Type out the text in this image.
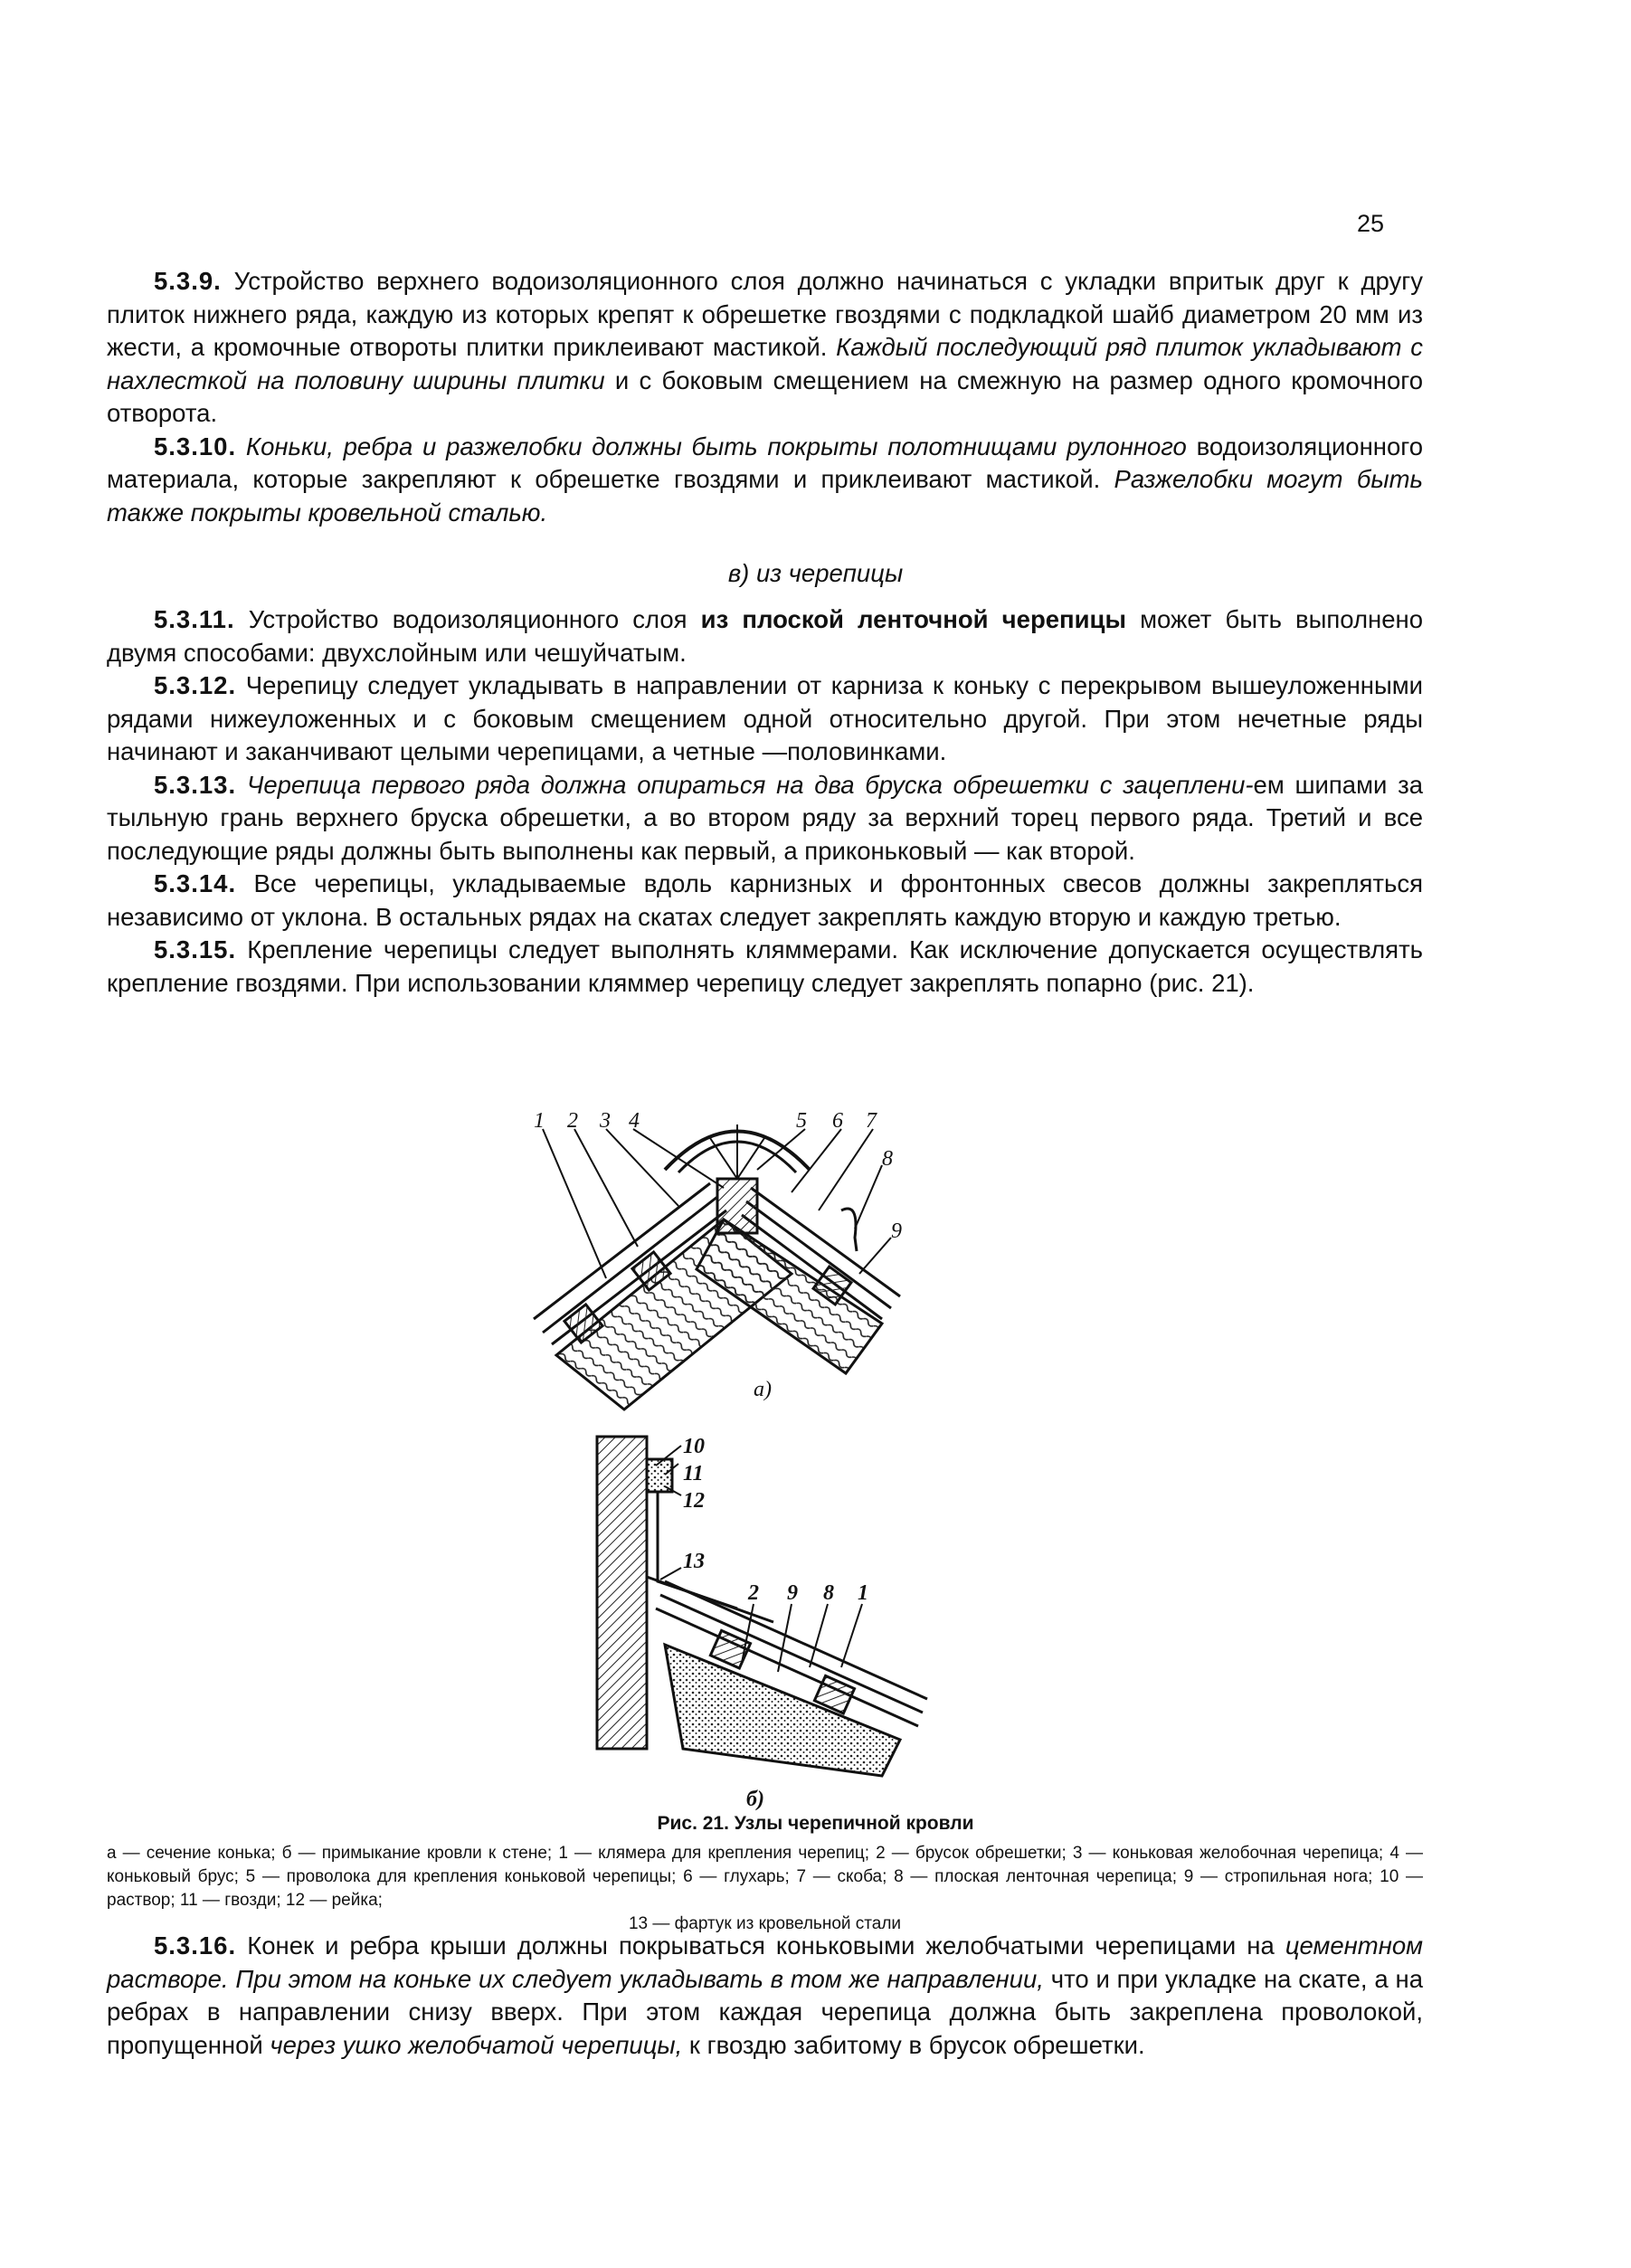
25

5.3.9. Устройство верхнего водоизоляционного слоя должно начинаться с укладки впритык друг к другу плиток нижнего ряда, каждую из которых крепят к обрешетке гвоздями с подкладкой шайб диаметром 20 мм из жести, а кромочные отвороты плитки приклеивают мастикой. Каждый последующий ряд плиток укладывают с нахлесткой на половину ширины плитки и с боковым смещением на смежную на размер одного кромочного отворота.

5.3.10. Коньки, ребра и разжелобки должны быть покрыты полотнищами рулонного водоизоляционного материала, которые закрепляют к обрешетке гвоздями и приклеивают мастикой. Разжелобки могут быть также покрыты кровельной сталью.

в) из черепицы

5.3.11. Устройство водоизоляционного слоя из плоской ленточной черепицы может быть выполнено двумя способами: двухслойным или чешуйчатым.

5.3.12. Черепицу следует укладывать в направлении от карниза к коньку с перекрывом вышеуложенными рядами нижеуложенных и с боковым смещением одной относительно другой. При этом нечетные ряды начинают и заканчивают целыми черепицами, а четные —половинками.

5.3.13. Черепица первого ряда должна опираться на два бруска обрешетки с зацеплени-ем шипами за тыльную грань верхнего бруска обрешетки, а во втором ряду за верхний торец первого ряда. Третий и все последующие ряды должны быть выполнены как первый, а приконьковый — как второй.

5.3.14. Все черепицы, укладываемые вдоль карнизных и фронтонных свесов должны закрепляться независимо от уклона. В остальных рядах на скатах следует закреплять каждую вторую и каждую третью.

5.3.15. Крепление черепицы следует выполнять кляммерами. Как исключение допускается осуществлять крепление гвоздями. При использовании кляммер черепицу следует закреплять попарно (рис. 21).

1 2 3 4	5 6 7
8
9
а)
10
11
12
13
2 9 8 1
б)
Рис. 21. Узлы черепичной кровли
а — сечение конька; б — примыкание кровли к стене; 1 — клямера для крепления черепиц; 2 — брусок обрешетки; 3 — коньковая желобочная черепица; 4 — коньковый брус; 5 — проволока для крепления коньковой черепицы; 6 — глухарь; 7 — скоба; 8 — плоская ленточная черепица; 9 — стропильная нога; 10 — раствор; 11 — гвозди; 12 — рейка;
13 — фартук из кровельной стали

5.3.16. Конек и ребра крыши должны покрываться коньковыми желобчатыми черепицами на цементном растворе. При этом на коньке их следует укладывать в том же направлении, что и при укладке на скате, а на ребрах в направлении снизу вверх. При этом каждая черепица должна быть закреплена проволокой, пропущенной через ушко желобчатой черепицы, к гвоздю забитому в брусок обрешетки.
